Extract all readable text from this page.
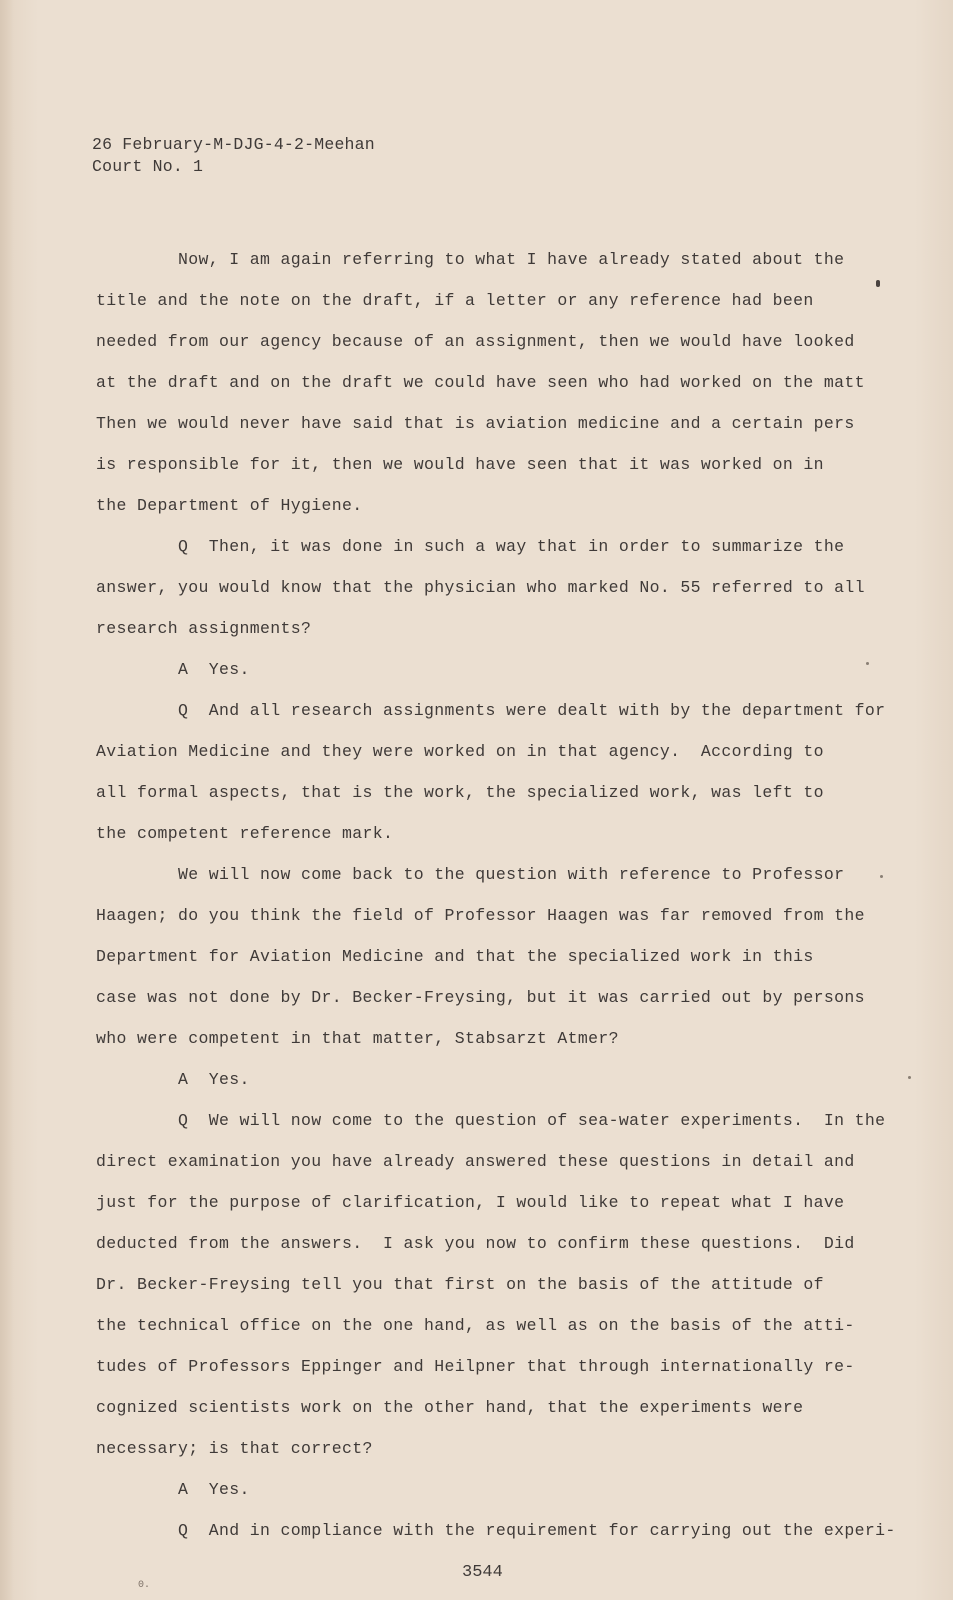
26 February-M-DJG-4-2-Meehan
Court No. 1
Now, I am again referring to what I have already stated about the
title and the note on the draft, if a letter or any reference had been
needed from our agency because of an assignment, then we would have looked
at the draft and on the draft we could have seen who had worked on the matt
Then we would never have said that is aviation medicine and a certain pers
is responsible for it, then we would have seen that it was worked on in
the Department of Hygiene.
Q  Then, it was done in such a way that in order to summarize the
answer, you would know that the physician who marked No. 55 referred to all
research assignments?
A  Yes.
Q  And all research assignments were dealt with by the department for
Aviation Medicine and they were worked on in that agency.  According to
all formal aspects, that is the work, the specialized work, was left to
the competent reference mark.
We will now come back to the question with reference to Professor
Haagen; do you think the field of Professor Haagen was far removed from the
Department for Aviation Medicine and that the specialized work in this
case was not done by Dr. Becker-Freysing, but it was carried out by persons
who were competent in that matter, Stabsarzt Atmer?
A  Yes.
Q  We will now come to the question of sea-water experiments.  In the
direct examination you have already answered these questions in detail and
just for the purpose of clarification, I would like to repeat what I have
deducted from the answers.  I ask you now to confirm these questions.  Did
Dr. Becker-Freysing tell you that first on the basis of the attitude of
the technical office on the one hand, as well as on the basis of the atti-
tudes of Professors Eppinger and Heilpner that through internationally re-
cognized scientists work on the other hand, that the experiments were
necessary; is that correct?
A  Yes.
Q  And in compliance with the requirement for carrying out the experi-
3544
0.
